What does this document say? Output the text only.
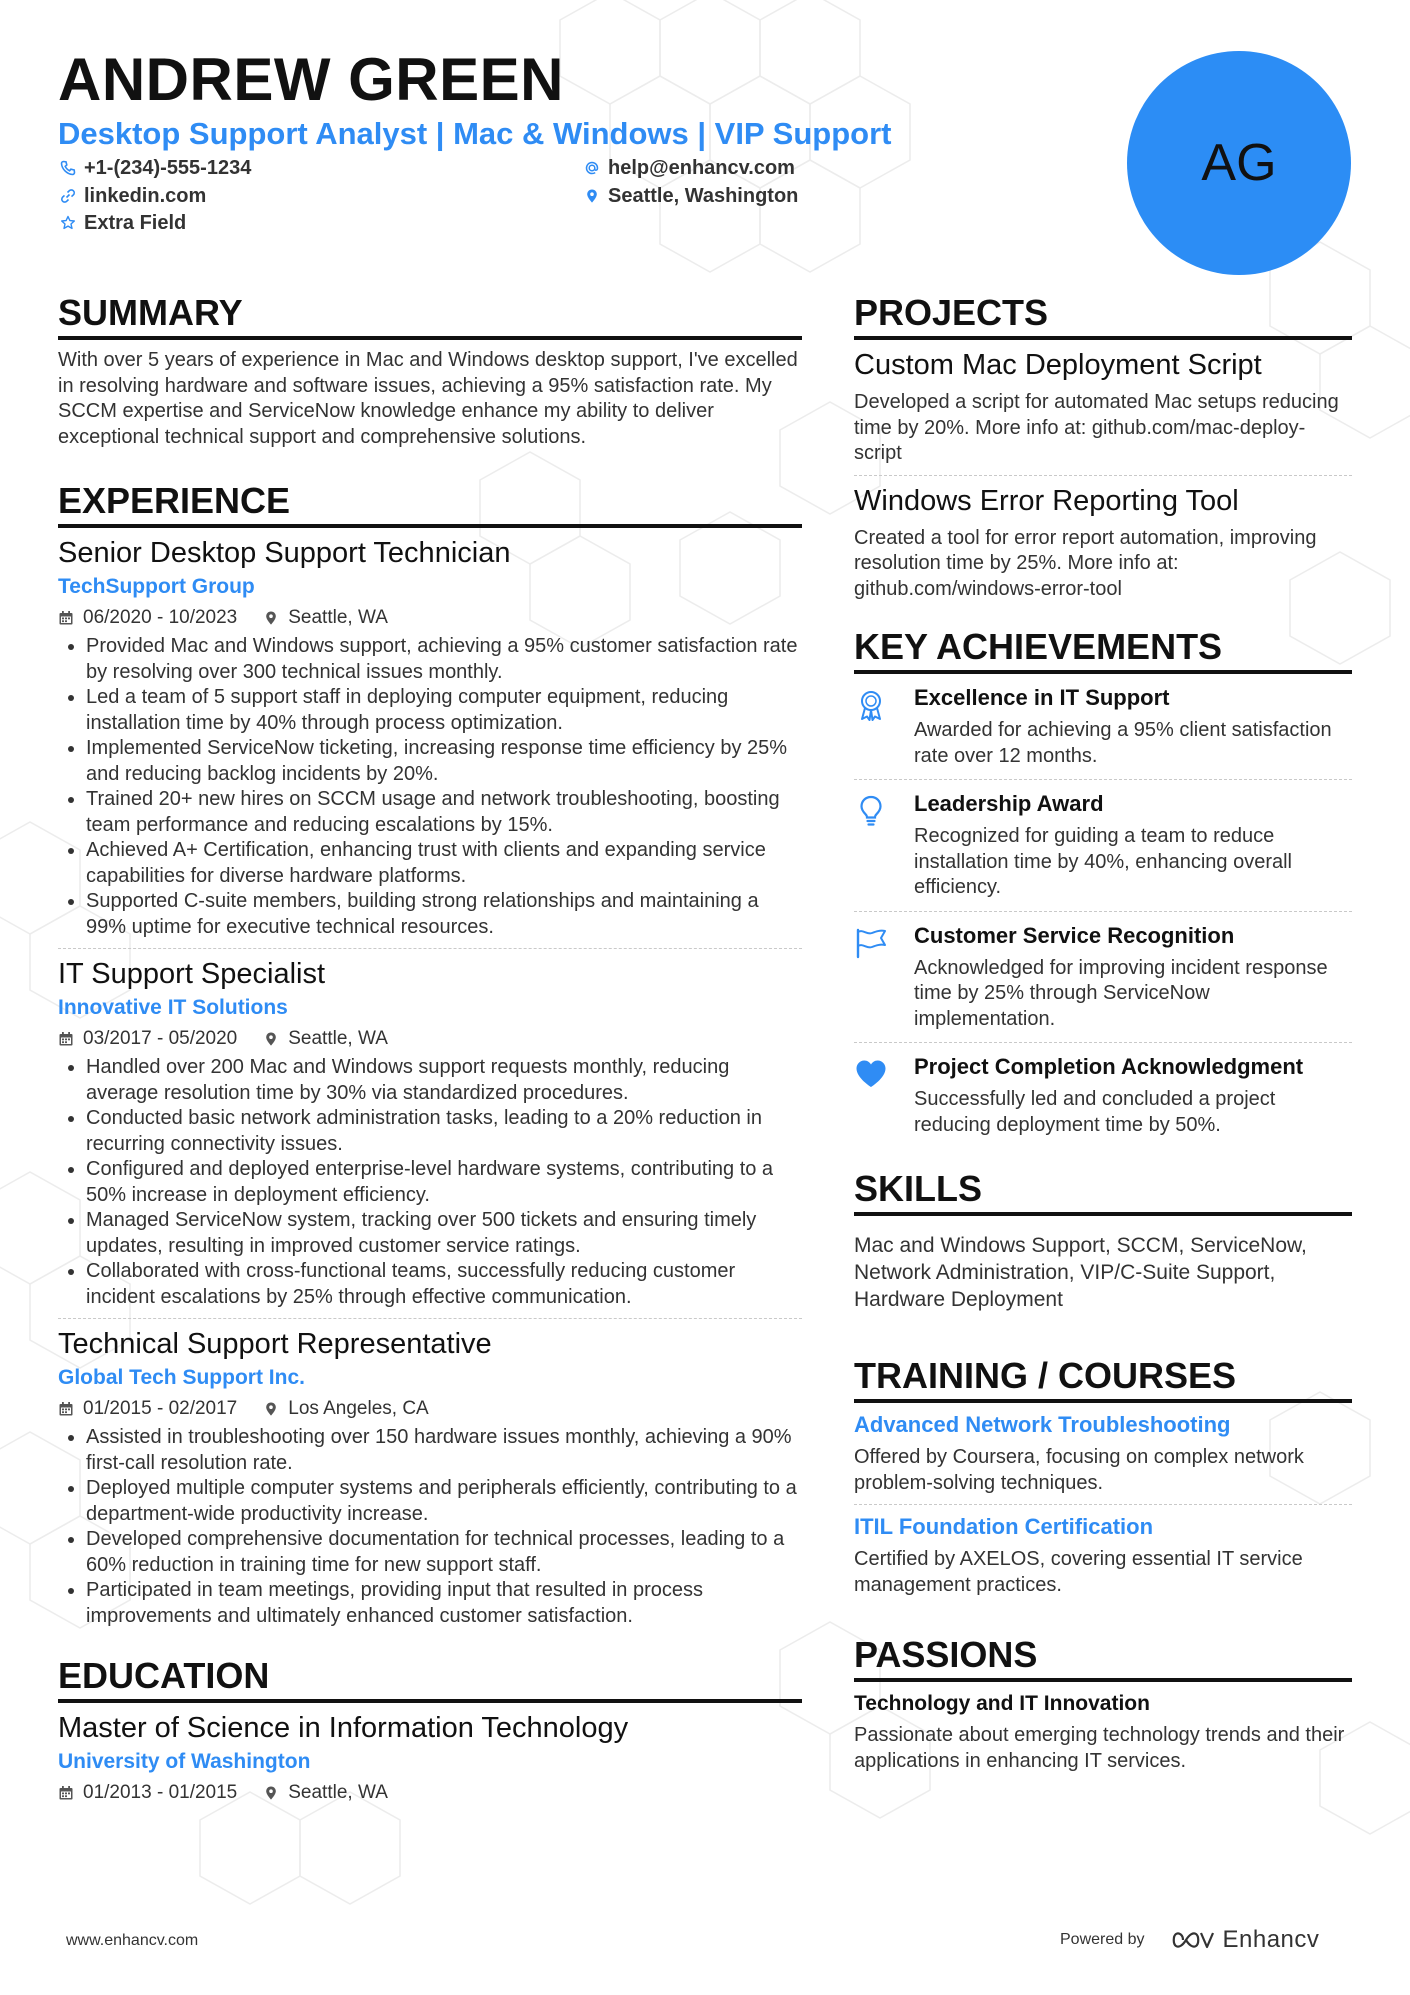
ANDREW GREEN
Desktop Support Analyst | Mac & Windows | VIP Support
+1-(234)-555-1234	help@enhancv.com
linkedin.com	Seattle, Washington
Extra Field
AG
SUMMARY
With over 5 years of experience in Mac and Windows desktop support, I've excelled in resolving hardware and software issues, achieving a 95% satisfaction rate. My SCCM expertise and ServiceNow knowledge enhance my ability to deliver exceptional technical support and comprehensive solutions.
EXPERIENCE
Senior Desktop Support Technician
TechSupport Group
06/2020 - 10/2023	Seattle, WA
• Provided Mac and Windows support, achieving a 95% customer satisfaction rate by resolving over 300 technical issues monthly.
• Led a team of 5 support staff in deploying computer equipment, reducing installation time by 40% through process optimization.
• Implemented ServiceNow ticketing, increasing response time efficiency by 25% and reducing backlog incidents by 20%.
• Trained 20+ new hires on SCCM usage and network troubleshooting, boosting team performance and reducing escalations by 15%.
• Achieved A+ Certification, enhancing trust with clients and expanding service capabilities for diverse hardware platforms.
• Supported C-suite members, building strong relationships and maintaining a 99% uptime for executive technical resources.
IT Support Specialist
Innovative IT Solutions
03/2017 - 05/2020	Seattle, WA
• Handled over 200 Mac and Windows support requests monthly, reducing average resolution time by 30% via standardized procedures.
• Conducted basic network administration tasks, leading to a 20% reduction in recurring connectivity issues.
• Configured and deployed enterprise-level hardware systems, contributing to a 50% increase in deployment efficiency.
• Managed ServiceNow system, tracking over 500 tickets and ensuring timely updates, resulting in improved customer service ratings.
• Collaborated with cross-functional teams, successfully reducing customer incident escalations by 25% through effective communication.
Technical Support Representative
Global Tech Support Inc.
01/2015 - 02/2017	Los Angeles, CA
• Assisted in troubleshooting over 150 hardware issues monthly, achieving a 90% first-call resolution rate.
• Deployed multiple computer systems and peripherals efficiently, contributing to a department-wide productivity increase.
• Developed comprehensive documentation for technical processes, leading to a 60% reduction in training time for new support staff.
• Participated in team meetings, providing input that resulted in process improvements and ultimately enhanced customer satisfaction.
EDUCATION
Master of Science in Information Technology
University of Washington
01/2013 - 01/2015	Seattle, WA
PROJECTS
Custom Mac Deployment Script
Developed a script for automated Mac setups reducing time by 20%. More info at: github.com/mac-deploy-script
Windows Error Reporting Tool
Created a tool for error report automation, improving resolution time by 25%. More info at: github.com/windows-error-tool
KEY ACHIEVEMENTS
Excellence in IT Support
Awarded for achieving a 95% client satisfaction rate over 12 months.
Leadership Award
Recognized for guiding a team to reduce installation time by 40%, enhancing overall efficiency.
Customer Service Recognition
Acknowledged for improving incident response time by 25% through ServiceNow implementation.
Project Completion Acknowledgment
Successfully led and concluded a project reducing deployment time by 50%.
SKILLS
Mac and Windows Support, SCCM, ServiceNow, Network Administration, VIP/C-Suite Support, Hardware Deployment
TRAINING / COURSES
Advanced Network Troubleshooting
Offered by Coursera, focusing on complex network problem-solving techniques.
ITIL Foundation Certification
Certified by AXELOS, covering essential IT service management practices.
PASSIONS
Technology and IT Innovation
Passionate about emerging technology trends and their applications in enhancing IT services.
www.enhancv.com	Powered by	Enhancv
